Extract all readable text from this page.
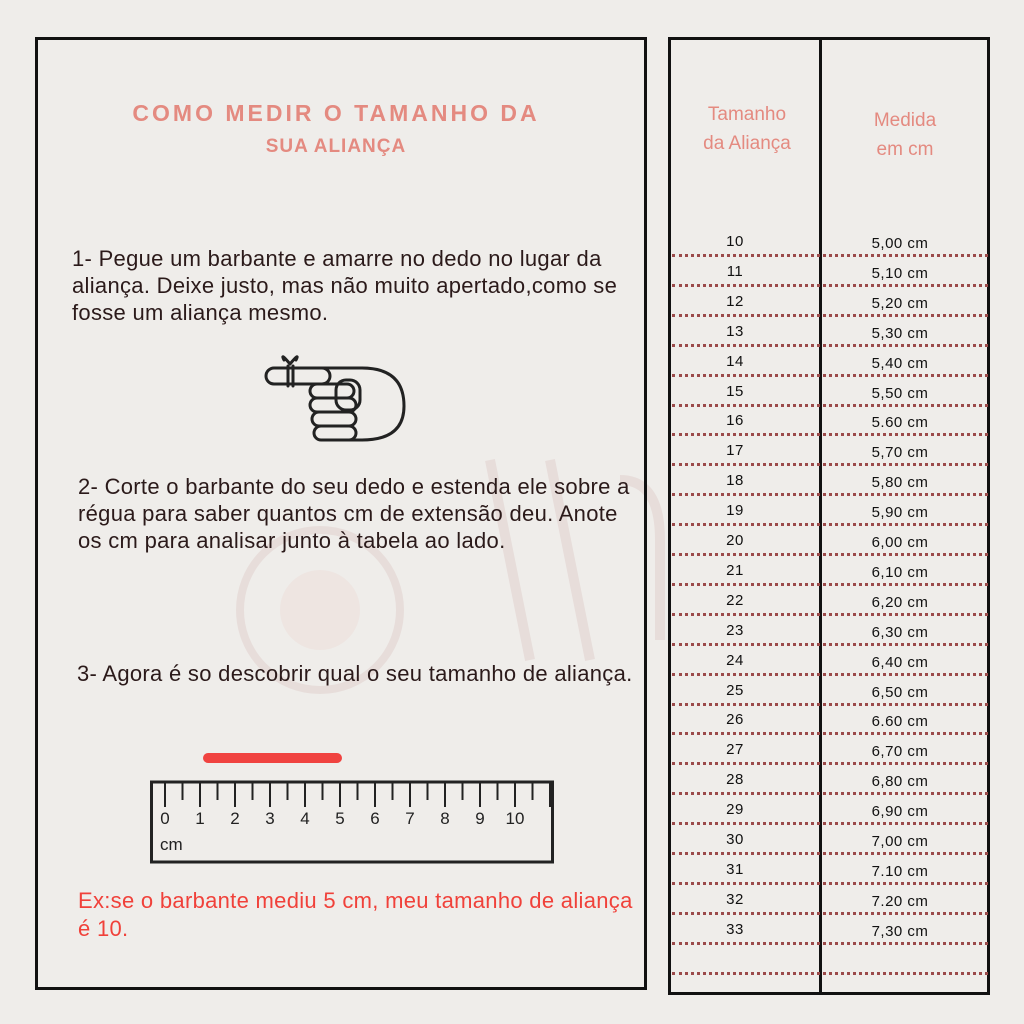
COMO MEDIR O TAMANHO DA
SUA ALIANÇA
1- Pegue um barbante e amarre no dedo no lugar da aliança. Deixe justo, mas não muito apertado,como se fosse um aliança mesmo.
2- Corte o barbante do seu dedo e estenda ele sobre a régua para saber quantos cm de extensão deu. Anote os cm para analisar junto à tabela ao lado.
3- Agora é so descobrir qual o seu tamanho de aliança.
0 1 2 3 4 5 6 7 8 9 10
cm
Ex:se o barbante mediu 5 cm, meu tamanho de aliança é 10.
Tamanho
da Aliança
Medida
em cm
10	5,00 cm
11	5,10 cm
12	5,20 cm
13	5,30 cm
14	5,40 cm
15	5,50 cm
16	5.60 cm
17	5,70 cm
18	5,80 cm
19	5,90 cm
20	6,00 cm
21	6,10 cm
22	6,20 cm
23	6,30 cm
24	6,40 cm
25	6,50 cm
26	6.60 cm
27	6,70 cm
28	6,80 cm
29	6,90 cm
30	7,00 cm
31	7.10 cm
32	7.20 cm
33	7,30 cm
